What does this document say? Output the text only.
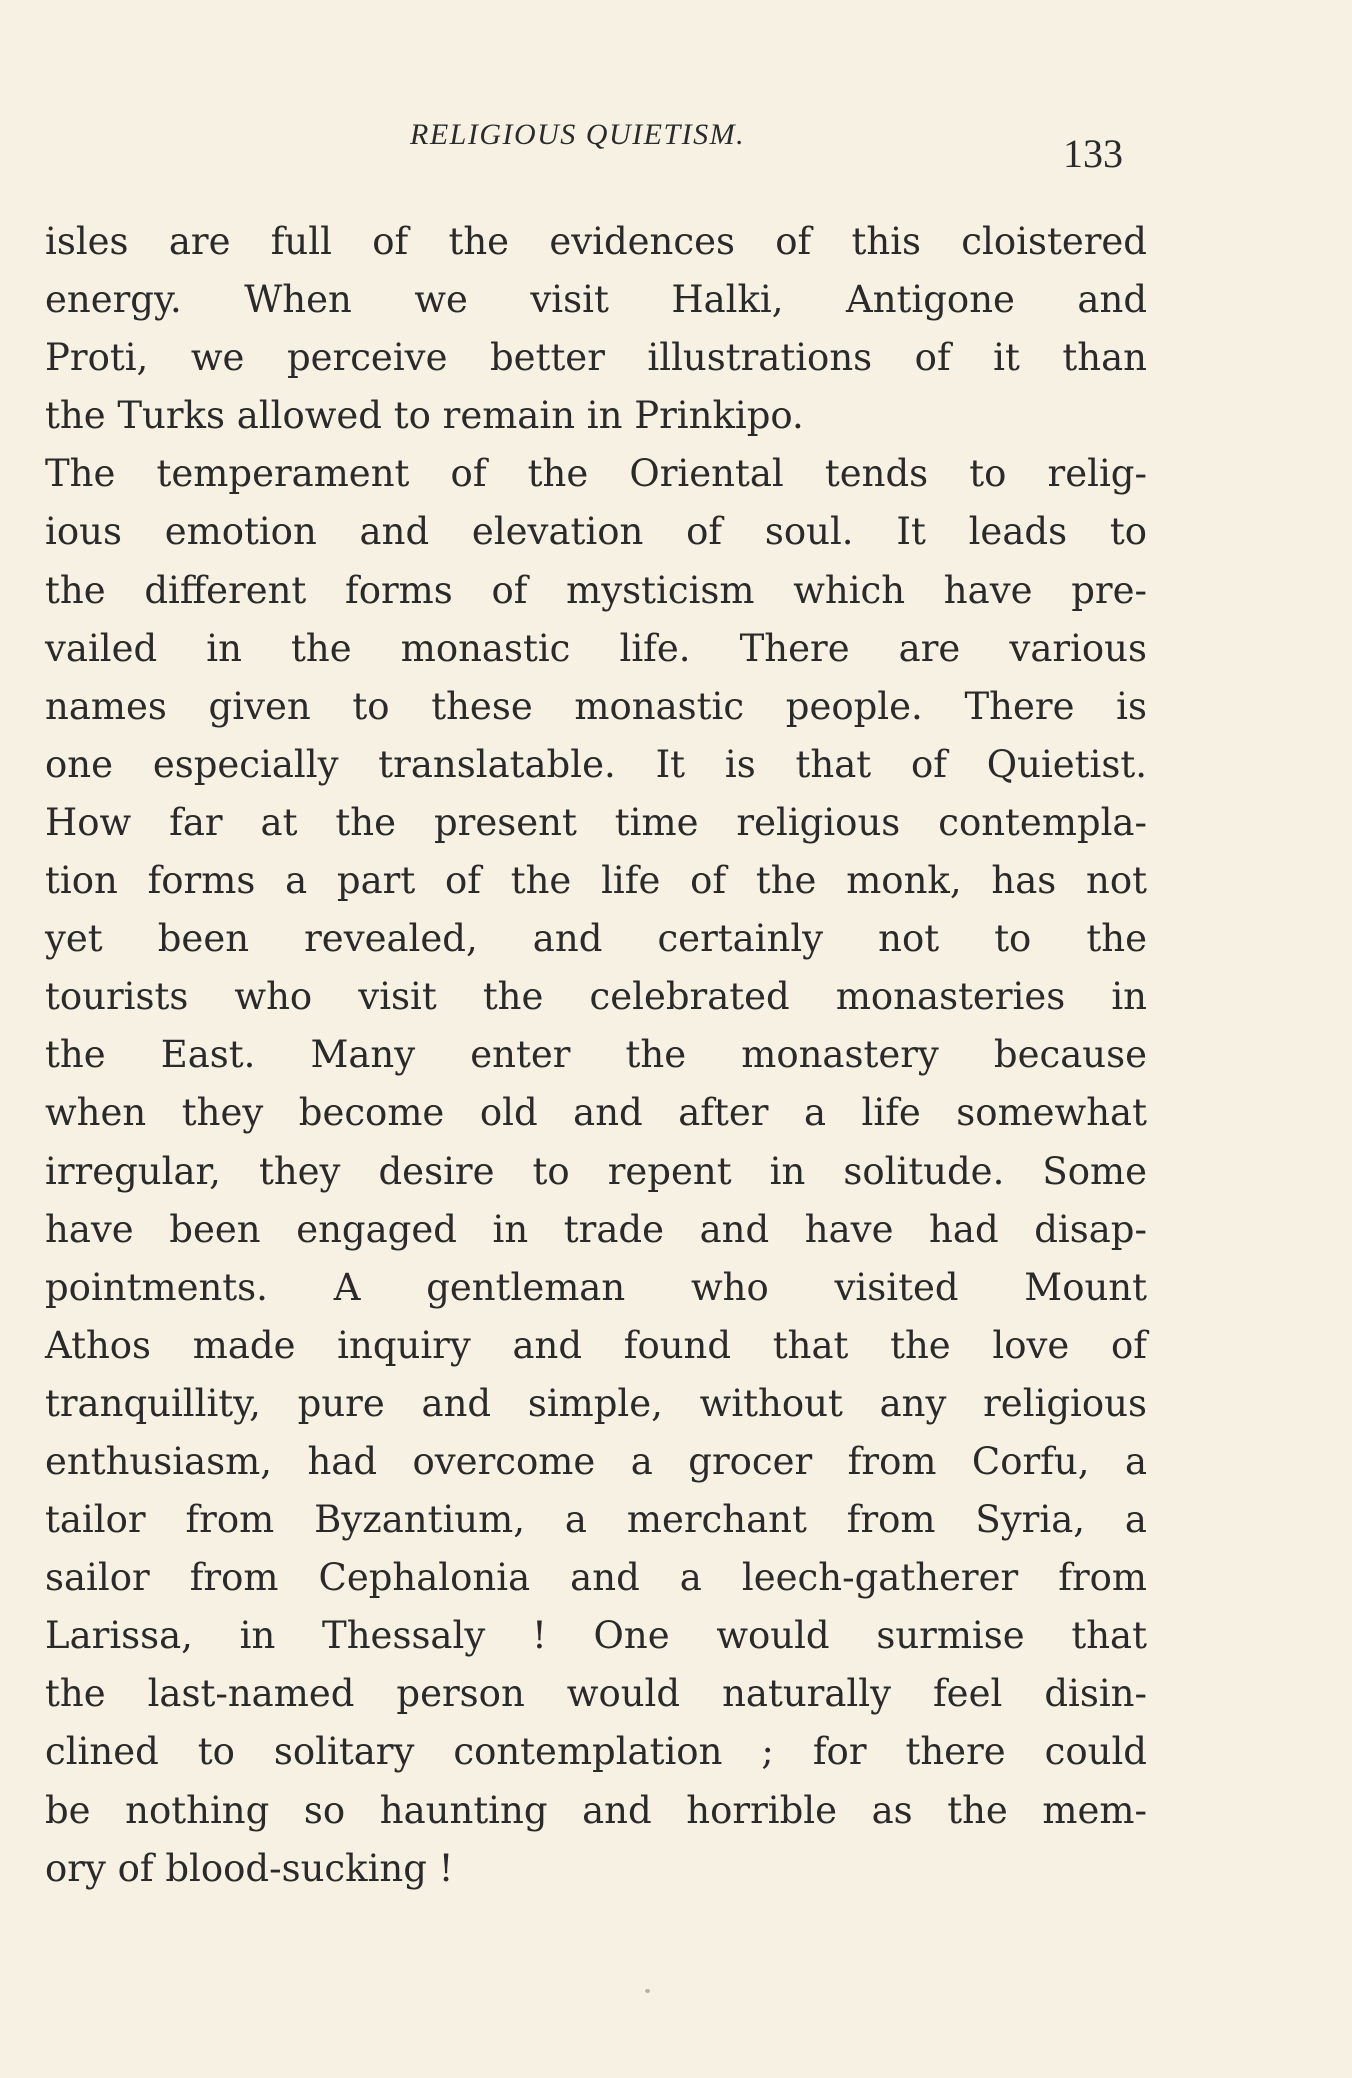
RELIGIOUS QUIETISM.	133
isles are full of the evidences of this cloistered
energy. When we visit Halki, Antigone and
Proti, we perceive better illustrations of it than
the Turks allowed to remain in Prinkipo.
The temperament of the Oriental tends to relig-
ious emotion and elevation of soul. It leads to
the different forms of mysticism which have pre-
vailed in the monastic life. There are various
names given to these monastic people. There is
one especially translatable. It is that of Quietist.
How far at the present time religious contempla-
tion forms a part of the life of the monk, has not
yet been revealed, and certainly not to the
tourists who visit the celebrated monasteries in
the East. Many enter the monastery because
when they become old and after a life somewhat
irregular, they desire to repent in solitude. Some
have been engaged in trade and have had disap-
pointments. A gentleman who visited Mount
Athos made inquiry and found that the love of
tranquillity, pure and simple, without any religious
enthusiasm, had overcome a grocer from Corfu, a
tailor from Byzantium, a merchant from Syria, a
sailor from Cephalonia and a leech-gatherer from
Larissa, in Thessaly ! One would surmise that
the last-named person would naturally feel disin-
clined to solitary contemplation ; for there could
be nothing so haunting and horrible as the mem-
ory of blood-sucking !
